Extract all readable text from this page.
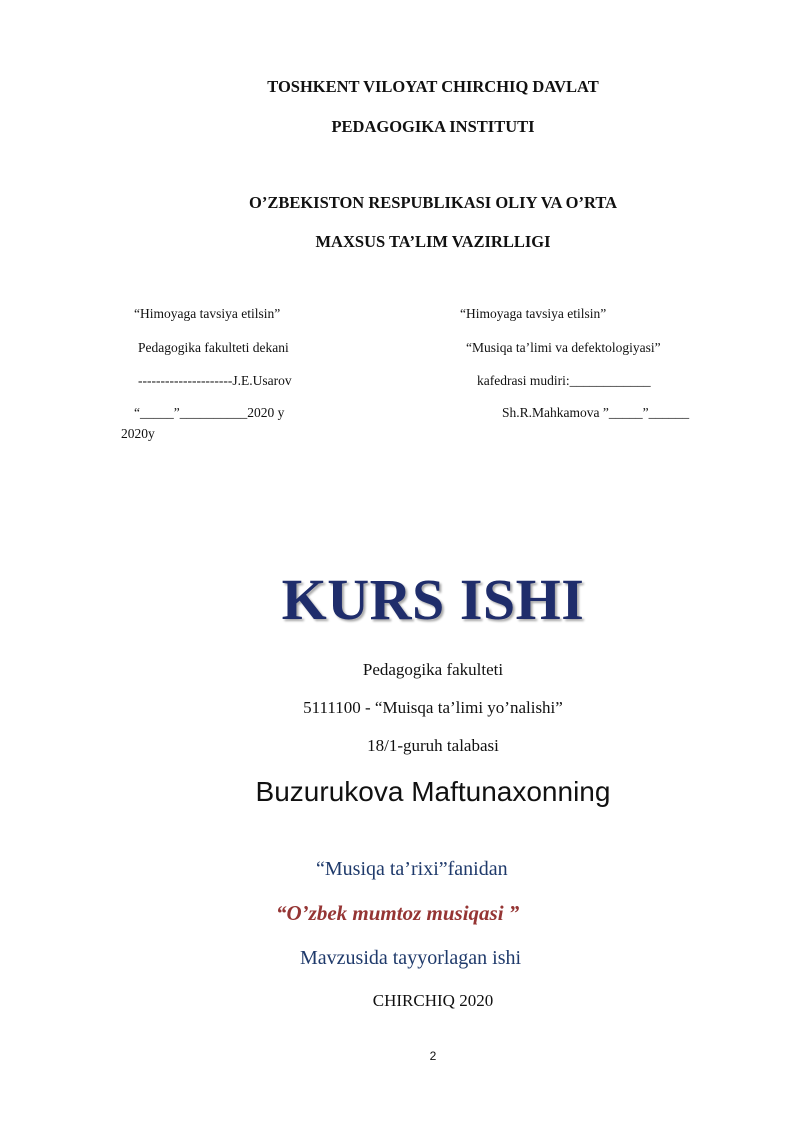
TOSHKENT VILOYAT CHIRCHIQ DAVLAT
PEDAGOGIKA INSTITUTI
O’ZBEKISTON RESPUBLIKASI OLIY VA O’RTA
MAXSUS TA’LIM VAZIRLLIGI
“Himoyaga tavsiya etilsin”
Pedagogika fakulteti dekani
---------------------J.E.Usarov
“_____”__________2020 y
“Himoyaga tavsiya etilsin”
“Musiqa ta’limi va defektologiyasi”
kafedrasi mudiri:____________
Sh.R.Mahkamova ”_____”______
2020y
KURS ISHI
Pedagogika fakulteti
5111100 - “Muisqa ta’limi yo’nalishi”
18/1-guruh talabasi
Buzurukova Maftunaxonning
“Musiqa ta’rixi”fanidan
“O’zbek mumtoz musiqasi ”
Mavzusida tayyorlagan ishi
CHIRCHIQ 2020
2
